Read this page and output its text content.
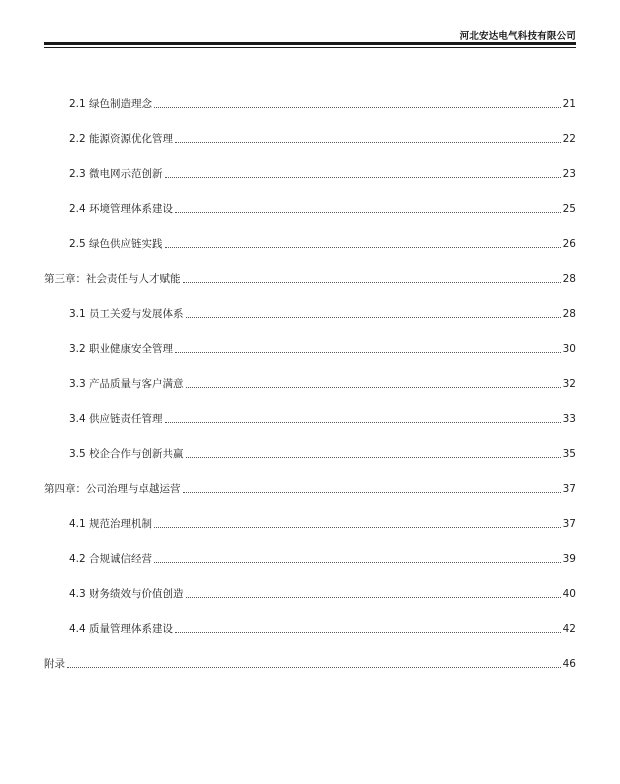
河北安达电气科技有限公司
2.1 绿色制造理念	21
2.2 能源资源优化管理	22
2.3 微电网示范创新	23
2.4 环境管理体系建设	25
2.5 绿色供应链实践	26
第三章：社会责任与人才赋能	28
3.1 员工关爱与发展体系	28
3.2 职业健康安全管理	30
3.3 产品质量与客户满意	32
3.4 供应链责任管理	33
3.5 校企合作与创新共赢	35
第四章：公司治理与卓越运营	37
4.1 规范治理机制	37
4.2 合规诚信经营	39
4.3 财务绩效与价值创造	40
4.4 质量管理体系建设	42
附录	46
